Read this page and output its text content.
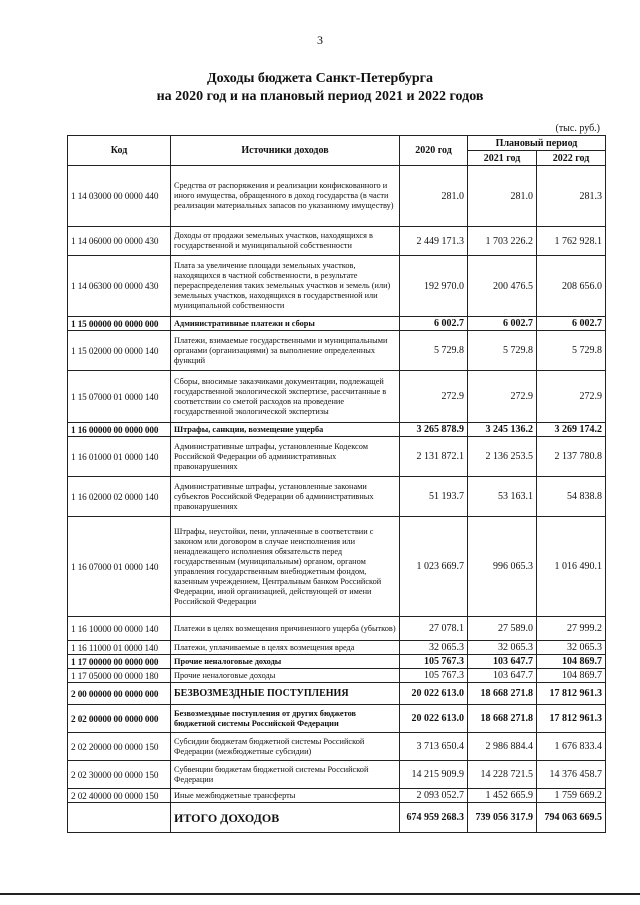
3
Доходы бюджета Санкт-Петербурга
на 2020 год и на плановый период 2021 и 2022 годов
(тыс. руб.)
Код	Источники доходов	2020 год	Плановый период	
			2021 год	2022 год
1 14 03000 00 0000 440	Средства от распоряжения и реализации конфискованного и иного имущества, обращенного в доход государства (в части реализации материальных запасов по указанному имуществу)	281.0	281.0	281.3
1 14 06000 00 0000 430	Доходы от продажи земельных участков, находящихся в государственной и муниципальной собственности	2 449 171.3	1 703 226.2	1 762 928.1
1 14 06300 00 0000 430	Плата за увеличение площади земельных участков, находящихся в частной собственности, в результате перераспределения таких земельных участков и земель (или) земельных участков, находящихся в государственной или муниципальной собственности	192 970.0	200 476.5	208 656.0
1 15 00000 00 0000 000	Административные платежи и сборы	6 002.7	6 002.7	6 002.7
1 15 02000 00 0000 140	Платежи, взимаемые государственными и муниципальными органами (организациями) за выполнение определенных функций	5 729.8	5 729.8	5 729.8
1 15 07000 01 0000 140	Сборы, вносимые заказчиками документации, подлежащей государственной экологической экспертизе, рассчитанные в соответствии со сметой расходов на проведение государственной экологической экспертизы	272.9	272.9	272.9
1 16 00000 00 0000 000	Штрафы, санкции, возмещение ущерба	3 265 878.9	3 245 136.2	3 269 174.2
1 16 01000 01 0000 140	Административные штрафы, установленные Кодексом Российской Федерации об административных правонарушениях	2 131 872.1	2 136 253.5	2 137 780.8
1 16 02000 02 0000 140	Административные штрафы, установленные законами субъектов Российской Федерации об административных правонарушениях	51 193.7	53 163.1	54 838.8
1 16 07000 01 0000 140	Штрафы, неустойки, пени, уплаченные в соответствии с законом или договором в случае неисполнения или ненадлежащего исполнения обязательств перед государственным (муниципальным) органом, органом управления государственным внебюджетным фондом, казенным учреждением, Центральным банком Российской Федерации, иной организацией, действующей от имени Российской Федерации	1 023 669.7	996 065.3	1 016 490.1
1 16 10000 00 0000 140	Платежи в целях возмещения причиненного ущерба (убытков)	27 078.1	27 589.0	27 999.2
1 16 11000 01 0000 140	Платежи, уплачиваемые в целях возмещения вреда	32 065.3	32 065.3	32 065.3
1 17 00000 00 0000 000	Прочие неналоговые доходы	105 767.3	103 647.7	104 869.7
1 17 05000 00 0000 180	Прочие неналоговые доходы	105 767.3	103 647.7	104 869.7
2 00 00000 00 0000 000	БЕЗВОЗМЕЗДНЫЕ ПОСТУПЛЕНИЯ	20 022 613.0	18 668 271.8	17 812 961.3
2 02 00000 00 0000 000	Безвозмездные поступления от других бюджетов бюджетной системы Российской Федерации	20 022 613.0	18 668 271.8	17 812 961.3
2 02 20000 00 0000 150	Субсидии бюджетам бюджетной системы Российской Федерации (межбюджетные субсидии)	3 713 650.4	2 986 884.4	1 676 833.4
2 02 30000 00 0000 150	Субвенции бюджетам бюджетной системы Российской Федерации	14 215 909.9	14 228 721.5	14 376 458.7
2 02 40000 00 0000 150	Иные межбюджетные трансферты	2 093 052.7	1 452 665.9	1 759 669.2
	ИТОГО ДОХОДОВ	674 959 268.3	739 056 317.9	794 063 669.5
